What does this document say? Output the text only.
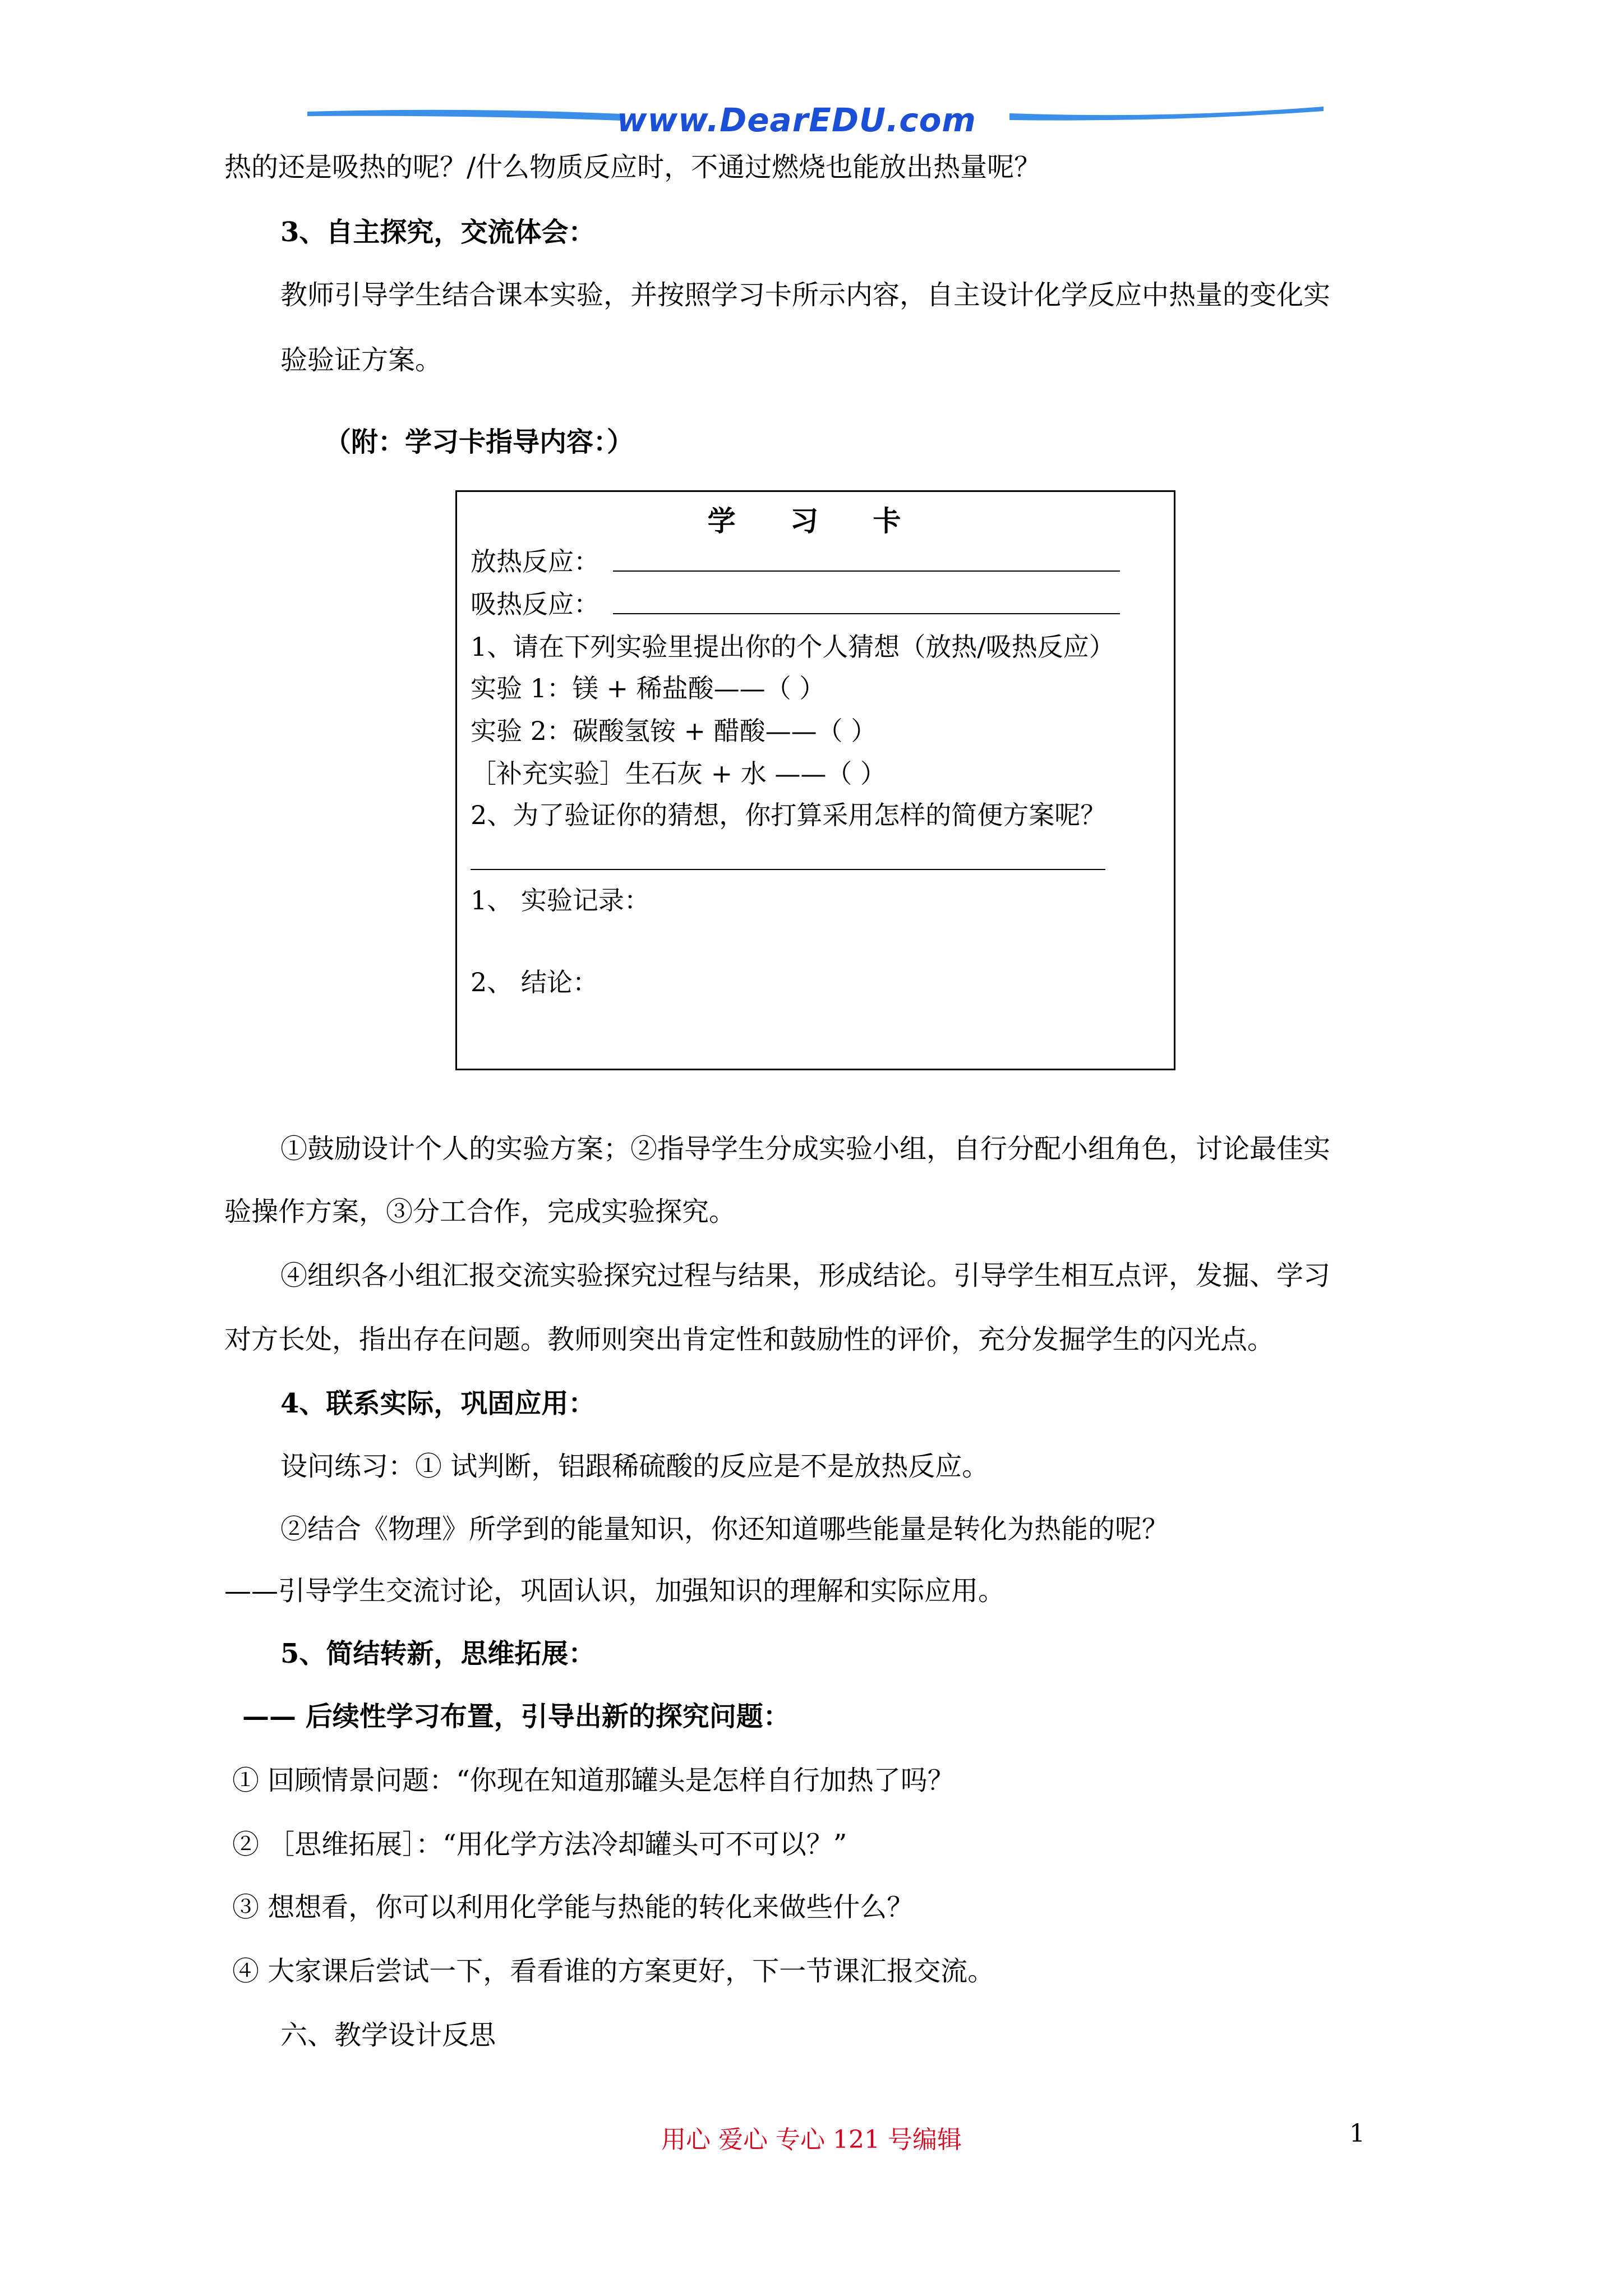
www.DearEDU.com
热的还是吸热的呢？/什么物质反应时，不通过燃烧也能放出热量呢？
3、自主探究，交流体会：
教师引导学生结合课本实验，并按照学习卡所示内容，自主设计化学反应中热量的变化实
验验证方案。
（附：学习卡指导内容：）
学 习 卡
放热反应：
吸热反应：
1、请在下列实验里提出你的个人猜想（放热/吸热反应）
实验 1：镁 + 稀盐酸——（ ）
实验 2：碳酸氢铵 + 醋酸——（ ）
［补充实验］生石灰 + 水 ——（ ）
2、为了验证你的猜想，你打算采用怎样的简便方案呢？
1、 实验记录：
2、 结论：
①鼓励设计个人的实验方案；②指导学生分成实验小组，自行分配小组角色，讨论最佳实
验操作方案，③分工合作，完成实验探究。
④组织各小组汇报交流实验探究过程与结果，形成结论。引导学生相互点评，发掘、学习
对方长处，指出存在问题。教师则突出肯定性和鼓励性的评价，充分发掘学生的闪光点。
4、联系实际，巩固应用：
设问练习：① 试判断，铝跟稀硫酸的反应是不是放热反应。
②结合《物理》所学到的能量知识，你还知道哪些能量是转化为热能的呢？
——引导学生交流讨论，巩固认识，加强知识的理解和实际应用。
5、简结转新，思维拓展：
—— 后续性学习布置，引导出新的探究问题：
① 回顾情景问题：“你现在知道那罐头是怎样自行加热了吗？
② ［思维拓展］：“用化学方法冷却罐头可不可以？”
③ 想想看，你可以利用化学能与热能的转化来做些什么？
④ 大家课后尝试一下，看看谁的方案更好，下一节课汇报交流。
六、教学设计反思
用心 爱心 专心 121 号编辑	1
